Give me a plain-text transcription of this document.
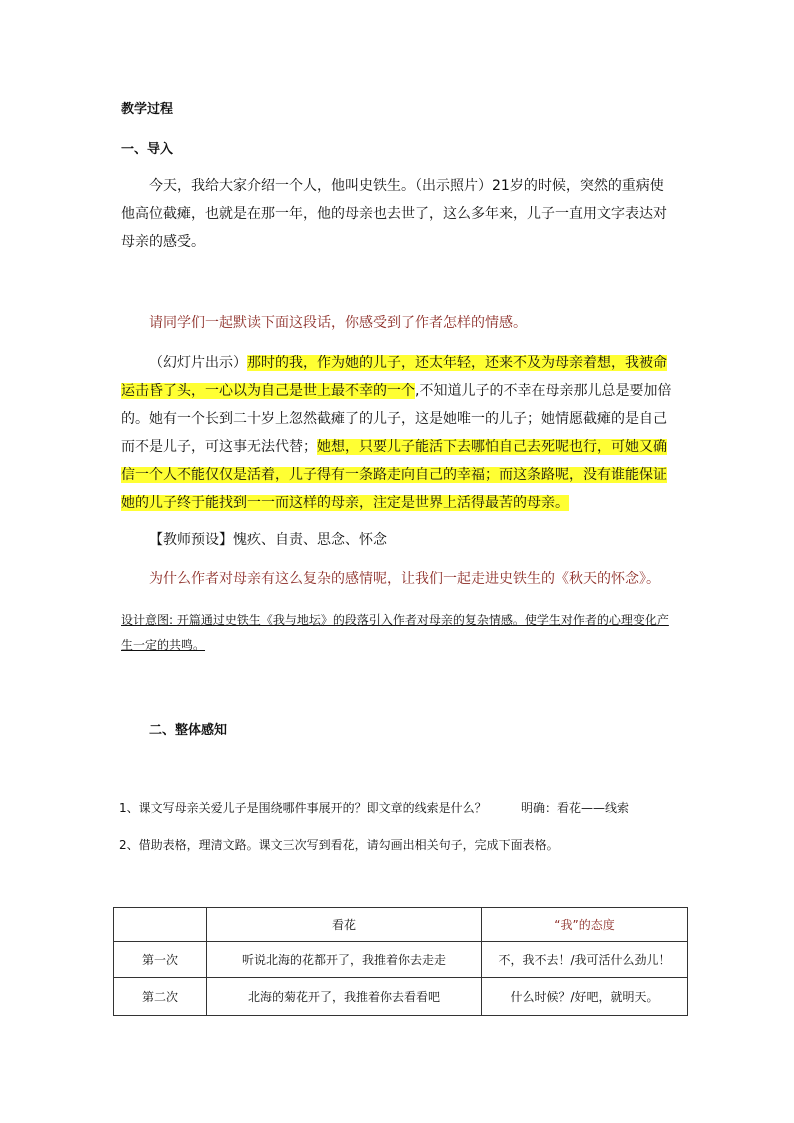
教学过程
一、导入

今天，我给大家介绍一个人，他叫史铁生。（出示照片）21岁的时候，突然的重病使他高位截瘫，也就是在那一年，他的母亲也去世了，这么多年来，儿子一直用文字表达对母亲的感受。

请同学们一起默读下面这段话，你感受到了作者怎样的情感。

（幻灯片出示）那时的我，作为她的儿子，还太年轻，还来不及为母亲着想，我被命运击昏了头，一心以为自己是世上最不幸的一个,不知道儿子的不幸在母亲那儿总是要加倍的。她有一个长到二十岁上忽然截瘫了的儿子，这是她唯一的儿子；她情愿截瘫的是自己而不是儿子，可这事无法代替；她想，只要儿子能活下去哪怕自己去死呢也行，可她又确信一个人不能仅仅是活着，儿子得有一条路走向自己的幸福；而这条路呢，没有谁能保证她的儿子终于能找到一一而这样的母亲，注定是世界上活得最苦的母亲。

【教师预设】愧疚、自责、思念、怀念
为什么作者对母亲有这么复杂的感情呢，让我们一起走进史铁生的《秋天的怀念》。

设计意图: 开篇通过史铁生《我与地坛》的段落引入作者对母亲的复杂情感。使学生对作者的心理变化产生一定的共鸣。

二、整体感知
1、课文写母亲关爱儿子是围绕哪件事展开的？即文章的线索是什么？	明确：看花——线索
2、借助表格，理清文路。课文三次写到看花，请勾画出相关句子，完成下面表格。
	看花	“我”的态度
第一次	听说北海的花都开了，我推着你去走走	不，我不去！/我可活什么劲儿！
第二次	北海的菊花开了，我推着你去看看吧	什么时候？/好吧，就明天。
